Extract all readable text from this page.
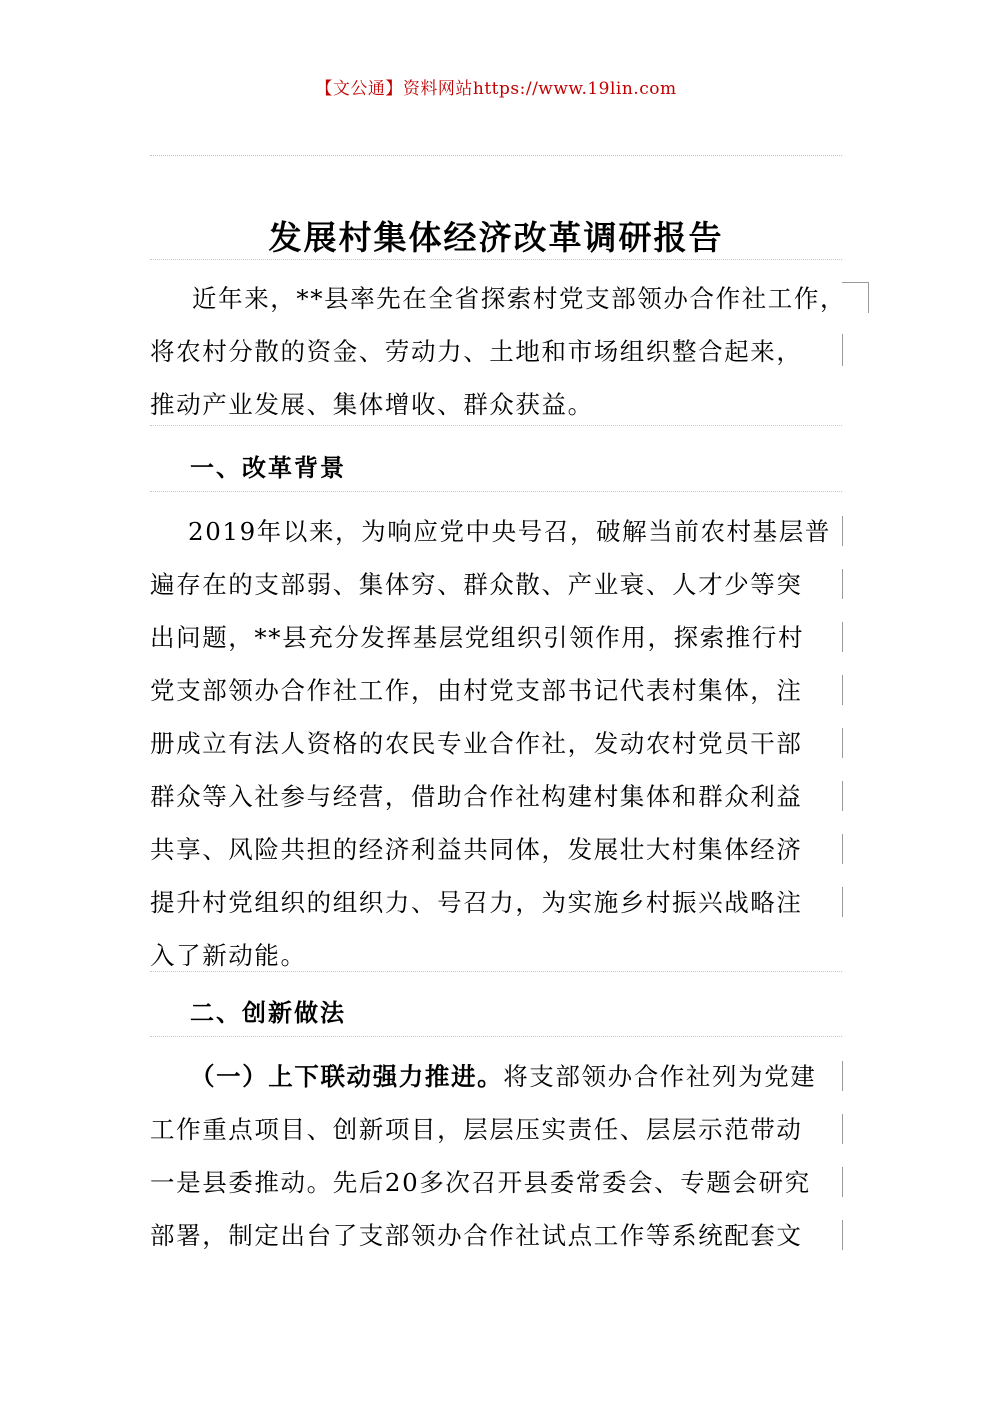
【文公通】资料网站https://www.19lin.com
发展村集体经济改革调研报告
近年来，**县率先在全省探索村党支部领办合作社工作，
将农村分散的资金、劳动力、土地和市场组织整合起来，
推动产业发展、集体增收、群众获益。
一、改革背景
2019年以来，为响应党中央号召，破解当前农村基层普
遍存在的支部弱、集体穷、群众散、产业衰、人才少等突
出问题，**县充分发挥基层党组织引领作用，探索推行村
党支部领办合作社工作，由村党支部书记代表村集体，注
册成立有法人资格的农民专业合作社，发动农村党员干部
群众等入社参与经营，借助合作社构建村集体和群众利益
共享、风险共担的经济利益共同体，发展壮大村集体经济
提升村党组织的组织力、号召力，为实施乡村振兴战略注
入了新动能。
二、创新做法
（一）上下联动强力推进。将支部领办合作社列为党建
工作重点项目、创新项目，层层压实责任、层层示范带动
一是县委推动。先后20多次召开县委常委会、专题会研究
部署，制定出台了支部领办合作社试点工作等系统配套文
